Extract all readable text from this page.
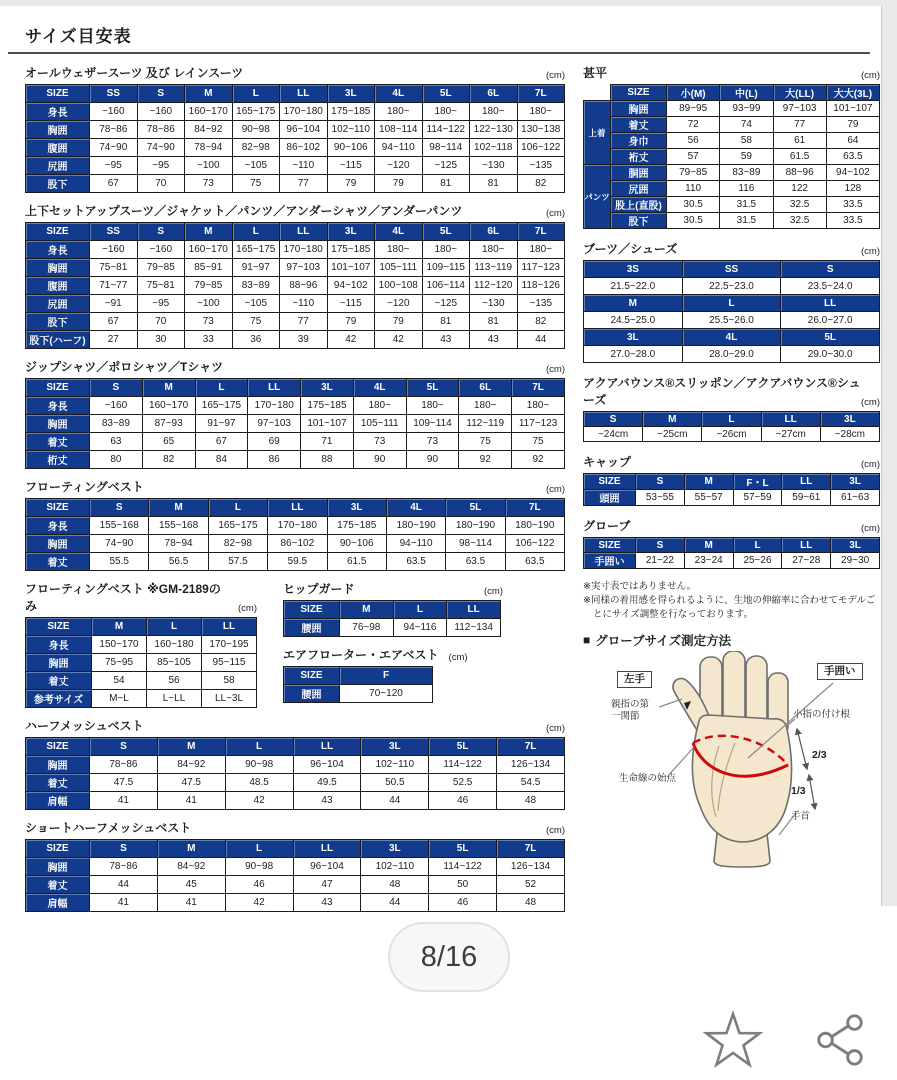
サイズ目安表
オールウェザースーツ 及び レインスーツ	(cm)
SIZE	SS	S	M	L	LL	3L	4L	5L	6L	7L
身長	~160	~160	160~170	165~175	170~180	175~185	180~	180~	180~	180~
胸囲	78~86	78~86	84~92	90~98	96~104	102~110	108~114	114~122	122~130	130~138
腹囲	74~90	74~90	78~94	82~98	86~102	90~106	94~110	98~114	102~118	106~122
尻囲	~95	~95	~100	~105	~110	~115	~120	~125	~130	~135
股下	67	70	73	75	77	79	79	81	81	82
上下セットアップスーツ／ジャケット／パンツ／アンダーシャツ／アンダーパンツ	(cm)
SIZE	SS	S	M	L	LL	3L	4L	5L	6L	7L
身長	~160	~160	160~170	165~175	170~180	175~185	180~	180~	180~	180~
胸囲	75~81	79~85	85~91	91~97	97~103	101~107	105~111	109~115	113~119	117~123
腹囲	71~77	75~81	79~85	83~89	88~96	94~102	100~108	106~114	112~120	118~126
尻囲	~91	~95	~100	~105	~110	~115	~120	~125	~130	~135
股下	67	70	73	75	77	79	79	81	81	82
股下(ハーフ)	27	30	33	36	39	42	42	43	43	44
ジップシャツ／ポロシャツ／Tシャツ	(cm)
SIZE	S	M	L	LL	3L	4L	5L	6L	7L
身長	~160	160~170	165~175	170~180	175~185	180~	180~	180~	180~
胸囲	83~89	87~93	91~97	97~103	101~107	105~111	109~114	112~119	117~123
着丈	63	65	67	69	71	73	73	75	75
桁丈	80	82	84	86	88	90	90	92	92
フローティングベスト	(cm)
SIZE	S	M	L	LL	3L	4L	5L	7L
身長	155~168	155~168	165~175	170~180	175~185	180~190	180~190	180~190
胸囲	74~90	78~94	82~98	86~102	90~106	94~110	98~114	106~122
着丈	55.5	56.5	57.5	59.5	61.5	63.5	63.5	63.5
フローティングベスト ※GM-2189のみ	(cm)
SIZE	M	L	LL
身長	150~170	160~180	170~195
胸囲	75~95	85~105	95~115
着丈	54	56	58
参考サイズ	M~L	L~LL	LL~3L
ヒップガード	(cm)
SIZE	M	L	LL
腰囲	76~98	94~116	112~134
エアフローター・エアベスト (cm)
SIZE	F
腰囲	70~120
ハーフメッシュベスト	(cm)
SIZE	S	M	L	LL	3L	5L	7L
胸囲	78~86	84~92	90~98	96~104	102~110	114~122	126~134
着丈	47.5	47.5	48.5	49.5	50.5	52.5	54.5
肩幅	41	41	42	43	44	46	48
ショートハーフメッシュベスト	(cm)
SIZE	S	M	L	LL	3L	5L	7L
胸囲	78~86	84~92	90~98	96~104	102~110	114~122	126~134
着丈	44	45	46	47	48	50	52
肩幅	41	41	42	43	44	46	48
甚平	(cm)
	SIZE	小(M)	中(L)	大(LL)	大大(3L)
上着	胸囲	89~95	93~99	97~103	101~107
	着丈	72	74	77	79
	身巾	56	58	61	64
	裄丈	57	59	61.5	63.5
パンツ	胴囲	79~85	83~89	88~96	94~102
	尻囲	110	116	122	128
	股上(直股)	30.5	31.5	32.5	33.5
	股下	30.5	31.5	32.5	33.5
ブーツ／シューズ	(cm)
3S	SS	S
21.5~22.0	22.5~23.0	23.5~24.0
M	L	LL
24.5~25.0	25.5~26.0	26.0~27.0
3L	4L	5L
27.0~28.0	28.0~29.0	29.0~30.0
アクアバウンス®スリッポン／アクアバウンス®シューズ	(cm)
S	M	L	LL	3L
~24cm	~25cm	~26cm	~27cm	~28cm
キャップ	(cm)
SIZE	S	M	F・L	LL	3L
頭囲	53~55	55~57	57~59	59~61	61~63
グローブ	(cm)
SIZE	S	M	L	LL	3L
手囲い	21~22	23~24	25~26	27~28	29~30
※実寸表ではありません。
※同様の着用感を得られるように、生地の伸縮率に合わせてモデルごとにサイズ調整を行なっております。
■ グローブサイズ測定方法
左手
手囲い
親指の第一関節	小指の付け根
2/3
1/3
生命線の始点
手首
8/16
